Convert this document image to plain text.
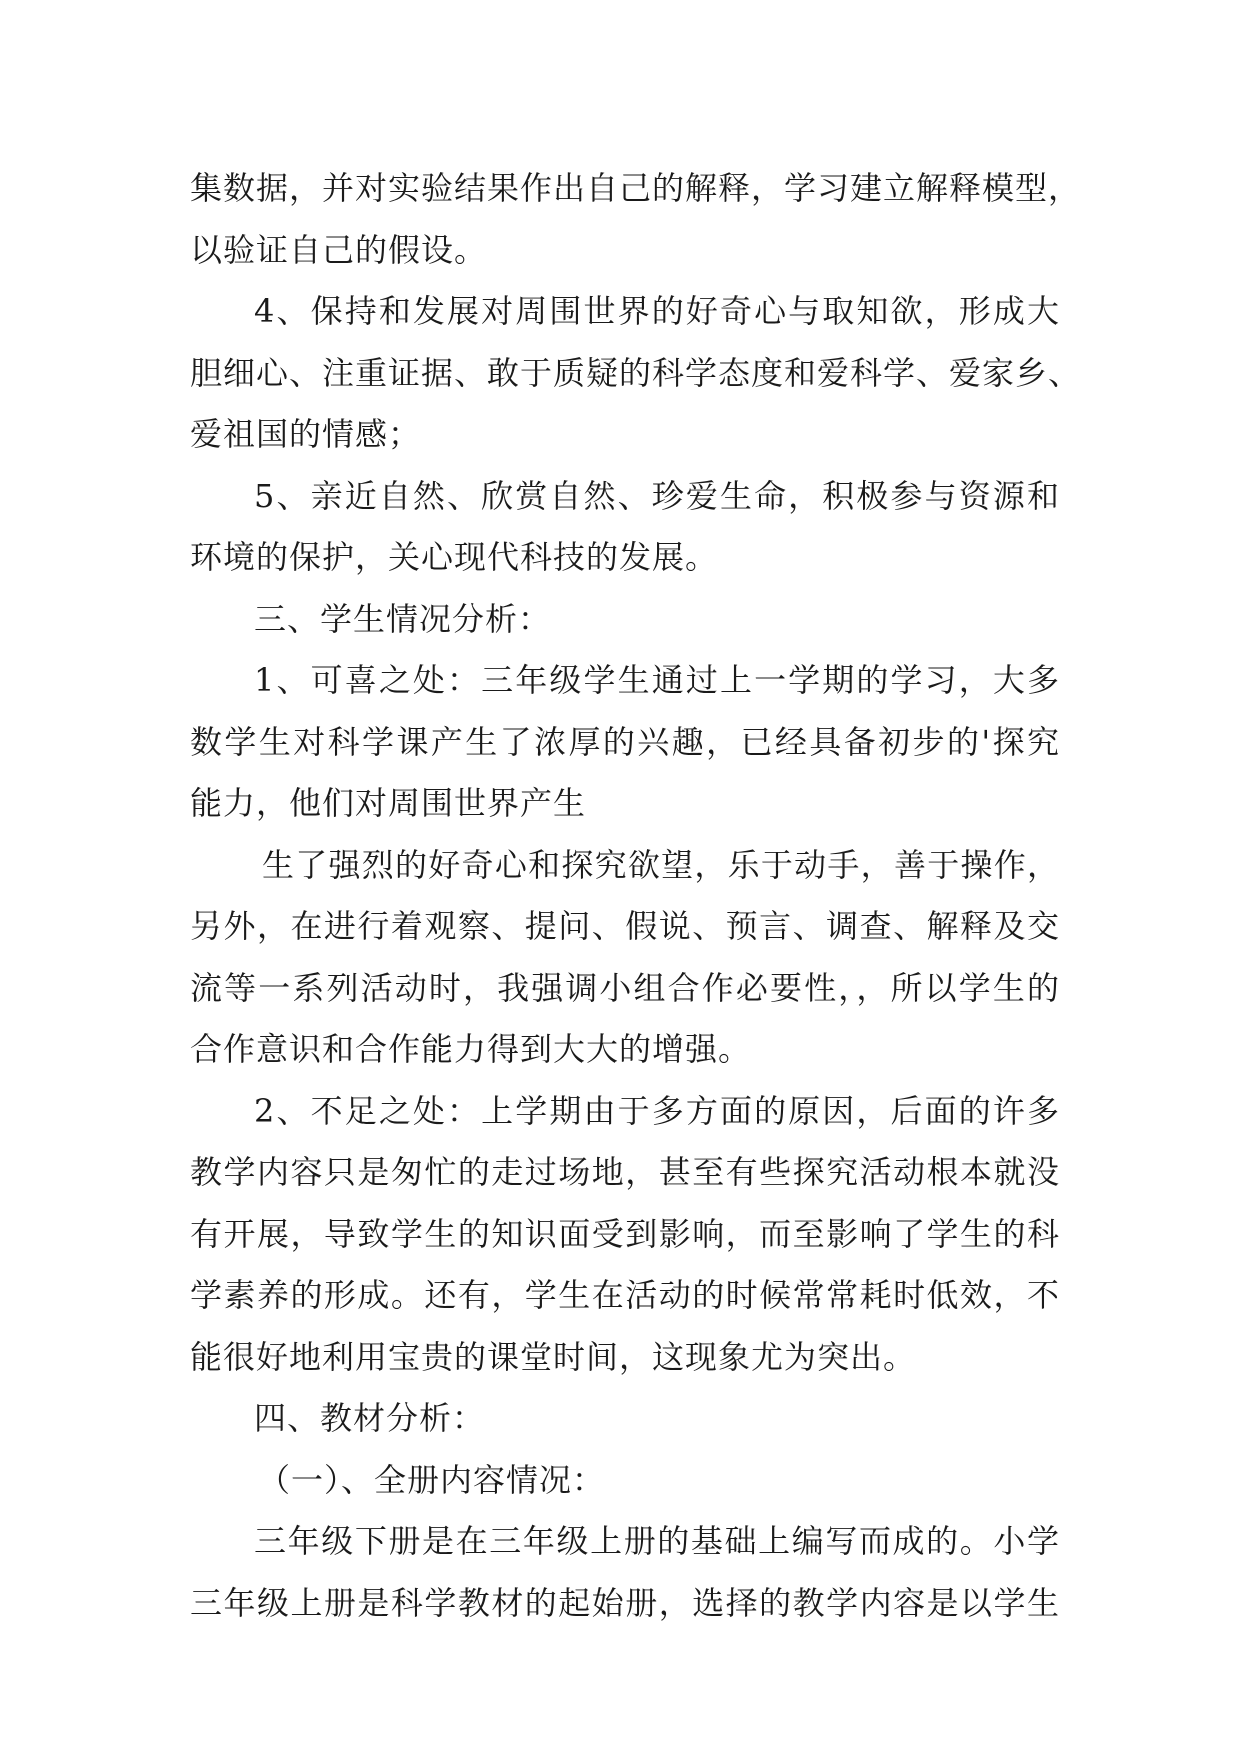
集数据，并对实验结果作出自己的解释，学习建立解释模型，
以验证自己的假设。
4、保持和发展对周围世界的好奇心与取知欲，形成大
胆细心、注重证据、敢于质疑的科学态度和爱科学、爱家乡、
爱祖国的情感；
5、亲近自然、欣赏自然、珍爱生命，积极参与资源和
环境的保护，关心现代科技的发展。
三、学生情况分析：
1、可喜之处：三年级学生通过上一学期的学习，大多
数学生对科学课产生了浓厚的兴趣，已经具备初步的'探究
能力，他们对周围世界产生
生了强烈的好奇心和探究欲望，乐于动手，善于操作，
另外，在进行着观察、提问、假说、预言、调查、解释及交
流等一系列活动时，我强调小组合作必要性，，所以学生的
合作意识和合作能力得到大大的增强。
2、不足之处：上学期由于多方面的原因，后面的许多
教学内容只是匆忙的走过场地，甚至有些探究活动根本就没
有开展，导致学生的知识面受到影响，而至影响了学生的科
学素养的形成。还有，学生在活动的时候常常耗时低效，不
能很好地利用宝贵的课堂时间，这现象尤为突出。
四、教材分析：
（一）、全册内容情况：
三年级下册是在三年级上册的基础上编写而成的。小学
三年级上册是科学教材的起始册，选择的教学内容是以学生
